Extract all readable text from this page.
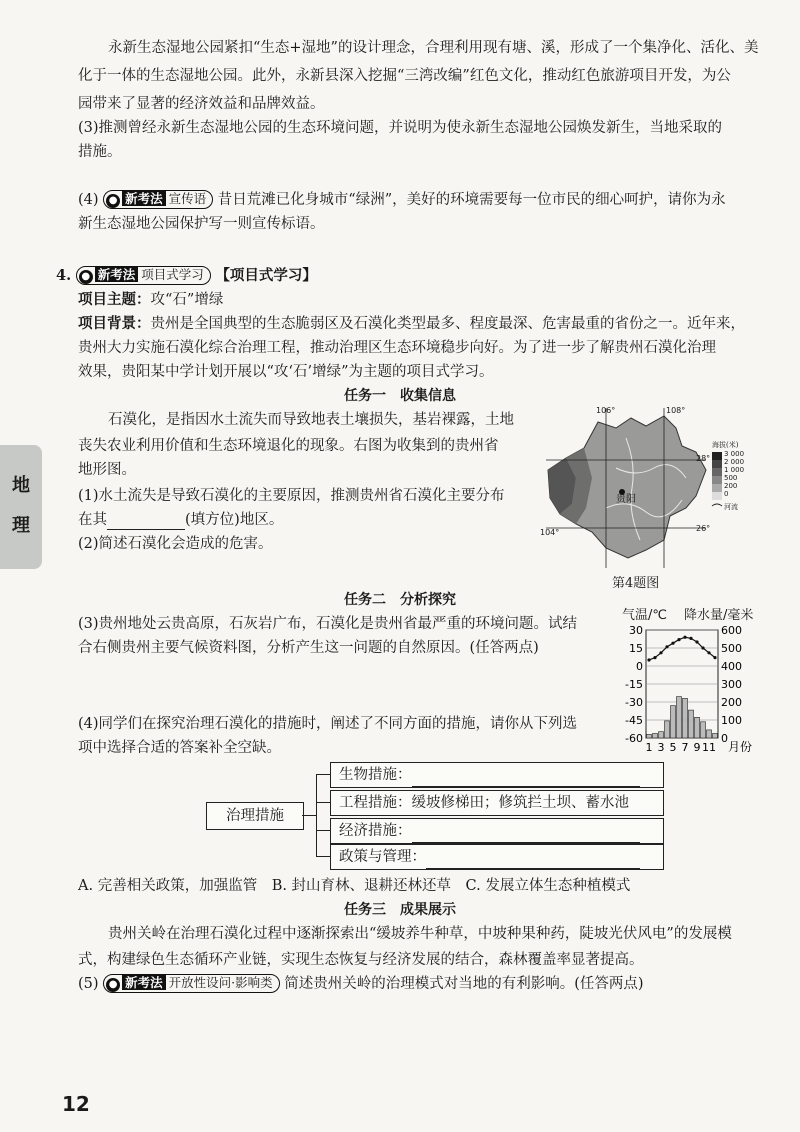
永新生态湿地公园紧扣“生态+湿地”的设计理念，合理利用现有塘、溪，形成了一个集净化、活化、美
化于一体的生态湿地公园。此外，永新县深入挖掘“三湾改编”红色文化，推动红色旅游项目开发，为公
园带来了显著的经济效益和品牌效益。
(3)推测曾经永新生态湿地公园的生态环境问题，并说明为使永新生态湿地公园焕发新生，当地采取的
措施。
(4) ● 新考法 宣传语 昔日荒滩已化身城市“绿洲”，美好的环境需要每一位市民的细心呵护，请你为永
新生态湿地公园保护写一则宣传标语。
4. ● 新考法 项目式学习 【项目式学习】
项目主题：攻“石”增绿
项目背景：贵州是全国典型的生态脆弱区及石漠化类型最多、程度最深、危害最重的省份之一。近年来，
贵州大力实施石漠化综合治理工程，推动治理区生态环境稳步向好。为了进一步了解贵州石漠化治理
效果，贵阳某中学计划开展以“攻‘石’增绿”为主题的项目式学习。
任务一　收集信息
石漠化，是指因水土流失而导致地表土壤损失，基岩裸露，土地
丧失农业利用价值和生态环境退化的现象。右图为收集到的贵州省
地形图。
(1)水土流失是导致石漠化的主要原因，推测贵州省石漠化主要分布
在其	(填方位)地区。
(2)简述石漠化会造成的危害。
106°	108°
104°
28°
26°
贵阳
海拔(米)
3 000
2 000
1 000
500
200
0
河流
第4题图
任务二　分析探究
(3)贵州地处云贵高原，石灰岩广布，石漠化是贵州省最严重的环境问题。试结
合右侧贵州主要气候资料图，分析产生这一问题的自然原因。(任答两点)
(4)同学们在探究治理石漠化的措施时，阐述了不同方面的措施，请你从下列选
项中选择合适的答案补全空缺。
气温/℃ 降水量/毫米
30	600
15	500
0	400
-15	300
-30	200
-45	100
-60	0
1 3 5 7 9 11 月份
治理措施
生物措施：
工程措施：缓坡修梯田；修筑拦土坝、蓄水池
经济措施：
政策与管理：
A. 完善相关政策，加强监管　B. 封山育林、退耕还林还草　C. 发展立体生态种植模式
任务三　成果展示
贵州关岭在治理石漠化过程中逐渐探索出“缓坡养牛种草，中坡种果种药，陡坡光伏风电”的发展模
式，构建绿色生态循环产业链，实现生态恢复与经济发展的结合，森林覆盖率显著提高。
(5) ● 新考法 开放性设问·影响类 简述贵州关岭的治理模式对当地的有利影响。(任答两点)
地
理
12
